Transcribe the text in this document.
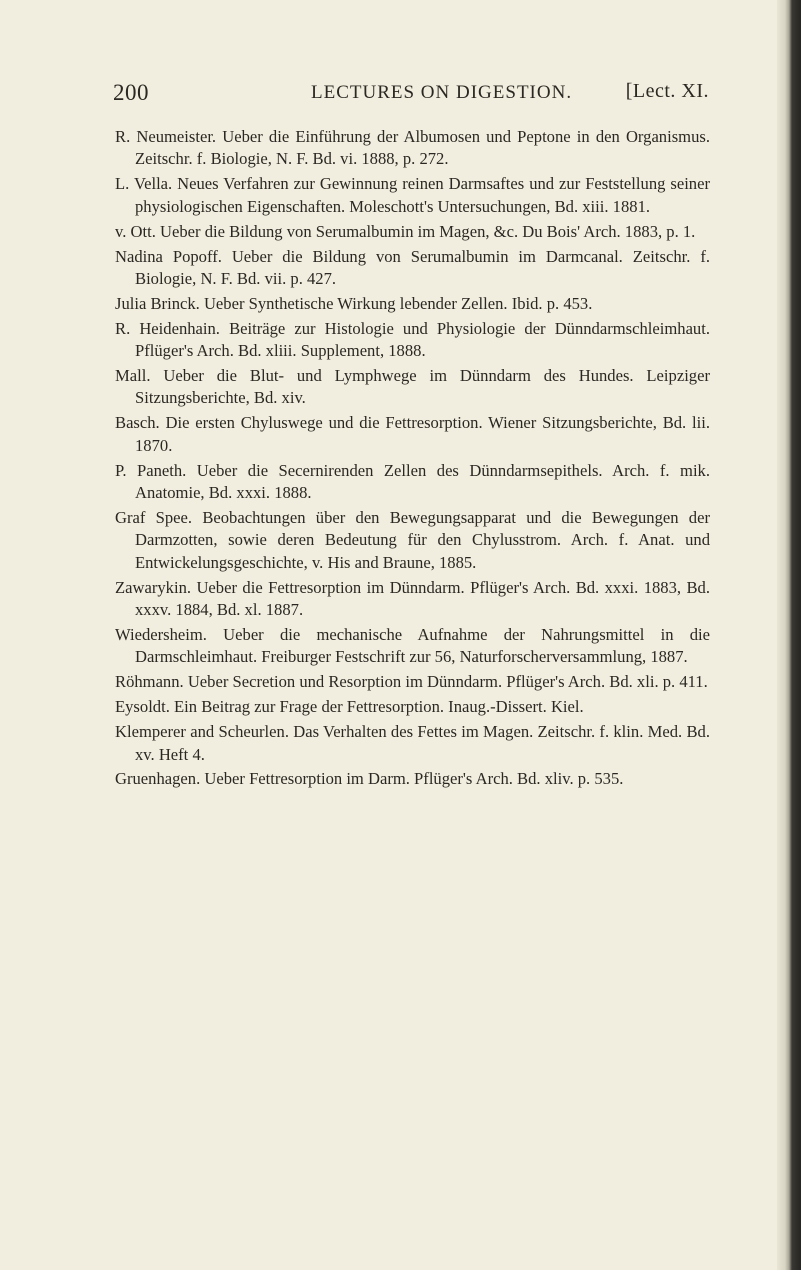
200	LECTURES ON DIGESTION.	[Lect. XI.

R. Neumeister. Ueber die Einführung der Albumosen und Peptone in den Organismus. Zeitschr. f. Biologie, N. F. Bd. vi. 1888, p. 272.

L. Vella. Neues Verfahren zur Gewinnung reinen Darmsaftes und zur Feststellung seiner physiologischen Eigenschaften. Moleschott's Untersuchungen, Bd. xiii. 1881.

v. Ott. Ueber die Bildung von Serumalbumin im Magen, &c. Du Bois' Arch. 1883, p. 1.

Nadina Popoff. Ueber die Bildung von Serumalbumin im Darmcanal. Zeitschr. f. Biologie, N. F. Bd. vii. p. 427.

Julia Brinck. Ueber Synthetische Wirkung lebender Zellen. Ibid. p. 453.

R. Heidenhain. Beiträge zur Histologie und Physiologie der Dünndarmschleimhaut. Pflüger's Arch. Bd. xliii. Supplement, 1888.

Mall. Ueber die Blut- und Lymphwege im Dünndarm des Hundes. Leipziger Sitzungsberichte, Bd. xiv.

Basch. Die ersten Chyluswege und die Fettresorption. Wiener Sitzungsberichte, Bd. lii. 1870.

P. Paneth. Ueber die Secernirenden Zellen des Dünndarmsepithels. Arch. f. mik. Anatomie, Bd. xxxi. 1888.

Graf Spee. Beobachtungen über den Bewegungsapparat und die Bewegungen der Darmzotten, sowie deren Bedeutung für den Chylusstrom. Arch. f. Anat. und Entwickelungsgeschichte, v. His and Braune, 1885.

Zawarykin. Ueber die Fettresorption im Dünndarm. Pflüger's Arch. Bd. xxxi. 1883, Bd. xxxv. 1884, Bd. xl. 1887.

Wiedersheim. Ueber die mechanische Aufnahme der Nahrungsmittel in die Darmschleimhaut. Freiburger Festschrift zur 56, Naturforscherversammlung, 1887.

Röhmann. Ueber Secretion und Resorption im Dünndarm. Pflüger's Arch. Bd. xli. p. 411.

Eysoldt. Ein Beitrag zur Frage der Fettresorption. Inaug.-Dissert. Kiel.

Klemperer and Scheurlen. Das Verhalten des Fettes im Magen. Zeitschr. f. klin. Med. Bd. xv. Heft 4.

Gruenhagen. Ueber Fettresorption im Darm. Pflüger's Arch. Bd. xliv. p. 535.
